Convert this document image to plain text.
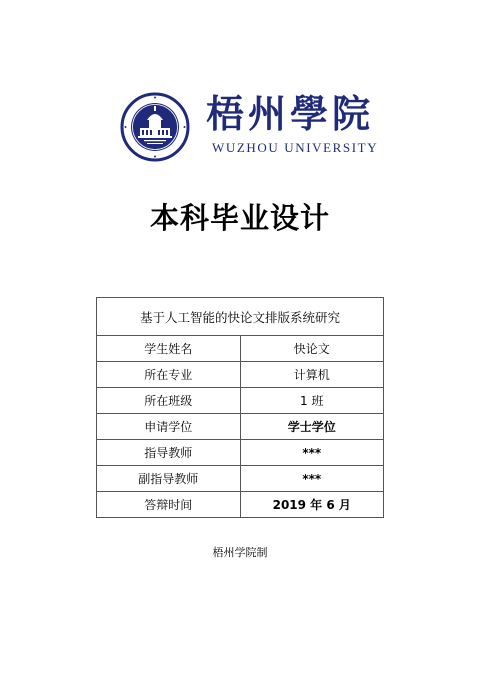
梧州學院
WUZHOU UNIVERSITY
本科毕业设计
基于人工智能的快论文排版系统研究	
学生姓名	快论文
所在专业	计算机
所在班级	1 班
申请学位	学士学位
指导教师	***
副指导教师	***
答辩时间	2019 年 6 月
梧州学院制
